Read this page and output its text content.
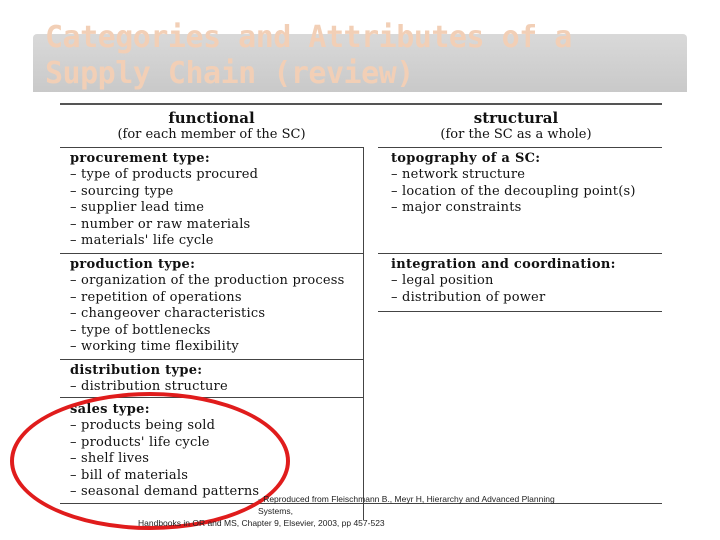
Categories and Attributes of a
Supply Chain (review)
functional
(for each member of the SC)
structural
(for the SC as a whole)
procurement type:
– type of products procured
– sourcing type
– supplier lead time
– number or raw materials
– materials' life cycle
production type:
– organization of the production process
– repetition of operations
– changeover characteristics
– type of bottlenecks
– working time flexibility
distribution type:
– distribution structure
sales type:
– products being sold
– products' life cycle
– shelf lives
– bill of materials
– seasonal demand patterns
topography of a SC:
– network structure
– location of the decoupling point(s)
– major constraints
integration and coordination:
– legal position
– distribution of power
- Reproduced from Fleischmann B., Meyr H, Hierarchy and Advanced Planning Systems,
Handbooks in OR and MS, Chapter 9, Elsevier, 2003, pp 457-523
